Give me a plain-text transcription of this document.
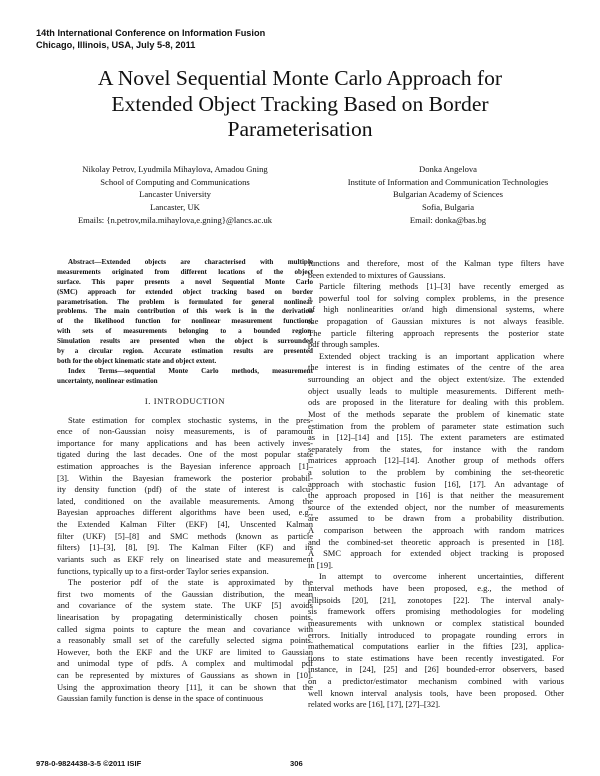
14th International Conference on Information Fusion
Chicago, Illinois, USA, July 5-8, 2011
A Novel Sequential Monte Carlo Approach for
Extended Object Tracking Based on Border
Parameterisation
Nikolay Petrov, Lyudmila Mihaylova, Amadou Gning
School of Computing and Communications
Lancaster University
Lancaster, UK
Emails: {n.petrov,mila.mihaylova,e.gning}@lancs.ac.uk
Donka Angelova
Institute of Information and Communication Technologies
Bulgarian Academy of Sciences
Sofia, Bulgaria
Email: donka@bas.bg
Abstract—Extended objects are characterised with multiple
measurements originated from different locations of the object
surface. This paper presents a novel Sequential Monte Carlo
(SMC) approach for extended object tracking based on border
parametrisation. The problem is formulated for general nonlinear
problems. The main contribution of this work is in the derivation
of the likelihood function for nonlinear measurement functions,
with sets of measurements belonging to a bounded region.
Simulation results are presented when the object is surrounded
by a circular region. Accurate estimation results are presented
both for the object kinematic state and object extent.
Index Terms—sequential Monte Carlo methods, measurement
uncertainty, nonlinear estimation
I. INTRODUCTION
State estimation for complex stochastic systems, in the pres-
ence of non-Gaussian noisy measurements, is of paramount
importance for many applications and has been actively inves-
tigated during the last decades. One of the most popular state
estimation approaches is the Bayesian inference approach [1]–
[3]. Within the Bayesian framework the posterior probabil-
ity density function (pdf) of the state of interest is calcu-
lated, conditioned on the available measurements. Among the
Bayesian approaches different algorithms have been used, e.g.,
the Extended Kalman Filter (EKF) [4], Unscented Kalman
filter (UKF) [5]–[8] and SMC methods (known as particle
filters) [1]–[3], [8], [9]. The Kalman Filter (KF) and its
variants such as EKF rely on linearised state and measurement
functions, typically up to a first-order Taylor series expansion.
The posterior pdf of the state is approximated by the
first two moments of the Gaussian distribution, the mean
and covariance of the system state. The UKF [5] avoids
linearisation by propagating deterministically chosen points,
called sigma points to capture the mean and covariance with
a reasonably small set of the carefully selected sigma points.
However, both the EKF and the UKF are limited to Gaussian
and unimodal type of pdfs. A complex and multimodal pdf
can be represented by mixtures of Gaussians as shown in [10].
Using the approximation theory [11], it can be shown that the
Gaussian family function is dense in the space of continuous
functions and therefore, most of the Kalman type filters have
been extended to mixtures of Gaussians.
Particle filtering methods [1]–[3] have recently emerged as
a powerful tool for solving complex problems, in the presence
of high nonlinearities or/and high dimensional systems, where
the propagation of Gaussian mixtures is not always feasible.
The particle filtering approach represents the posterior state
pdf through samples.
Extended object tracking is an important application where
the interest is in finding estimates of the centre of the area
surrounding an object and the object extent/size. The extended
object usually leads to multiple measurements. Different meth-
ods are proposed in the literature for dealing with this problem.
Most of the methods separate the problem of kinematic state
estimation from the problem of parameter state estimation such
as in [12]–[14] and [15]. The extent parameters are estimated
separately from the states, for instance with the random
matrices approach [12]–[14]. Another group of methods offers
a solution to the problem by combining the set-theoretic
approach with stochastic fusion [16], [17]. An advantage of
the approach proposed in [16] is that neither the measurement
source of the extended object, nor the number of measurements
are assumed to be drawn from a probability distribution.
A comparison between the approach with random matrices
and the combined-set theoretic approach is presented in [18].
A SMC approach for extended object tracking is proposed
in [19].
In attempt to overcome inherent uncertainties, different
interval methods have been proposed, e.g., the method of
ellipsoids [20], [21], zonotopes [22]. The interval analy-
sis framework offers promising methodologies for modeling
measurements with unknown or complex statistical bounded
errors. Initially introduced to propagate rounding errors in
mathematical computations earlier in the fifties [23], applica-
tions to state estimations have been recently investigated. For
instance, in [24], [25] and [26] bounded-error observers, based
on a predictor/estimator mechanism combined with various
well known interval analysis tools, have been proposed. Other
related works are [16], [17], [27]–[32].
978-0-9824438-3-5 ©2011 ISIF	306
